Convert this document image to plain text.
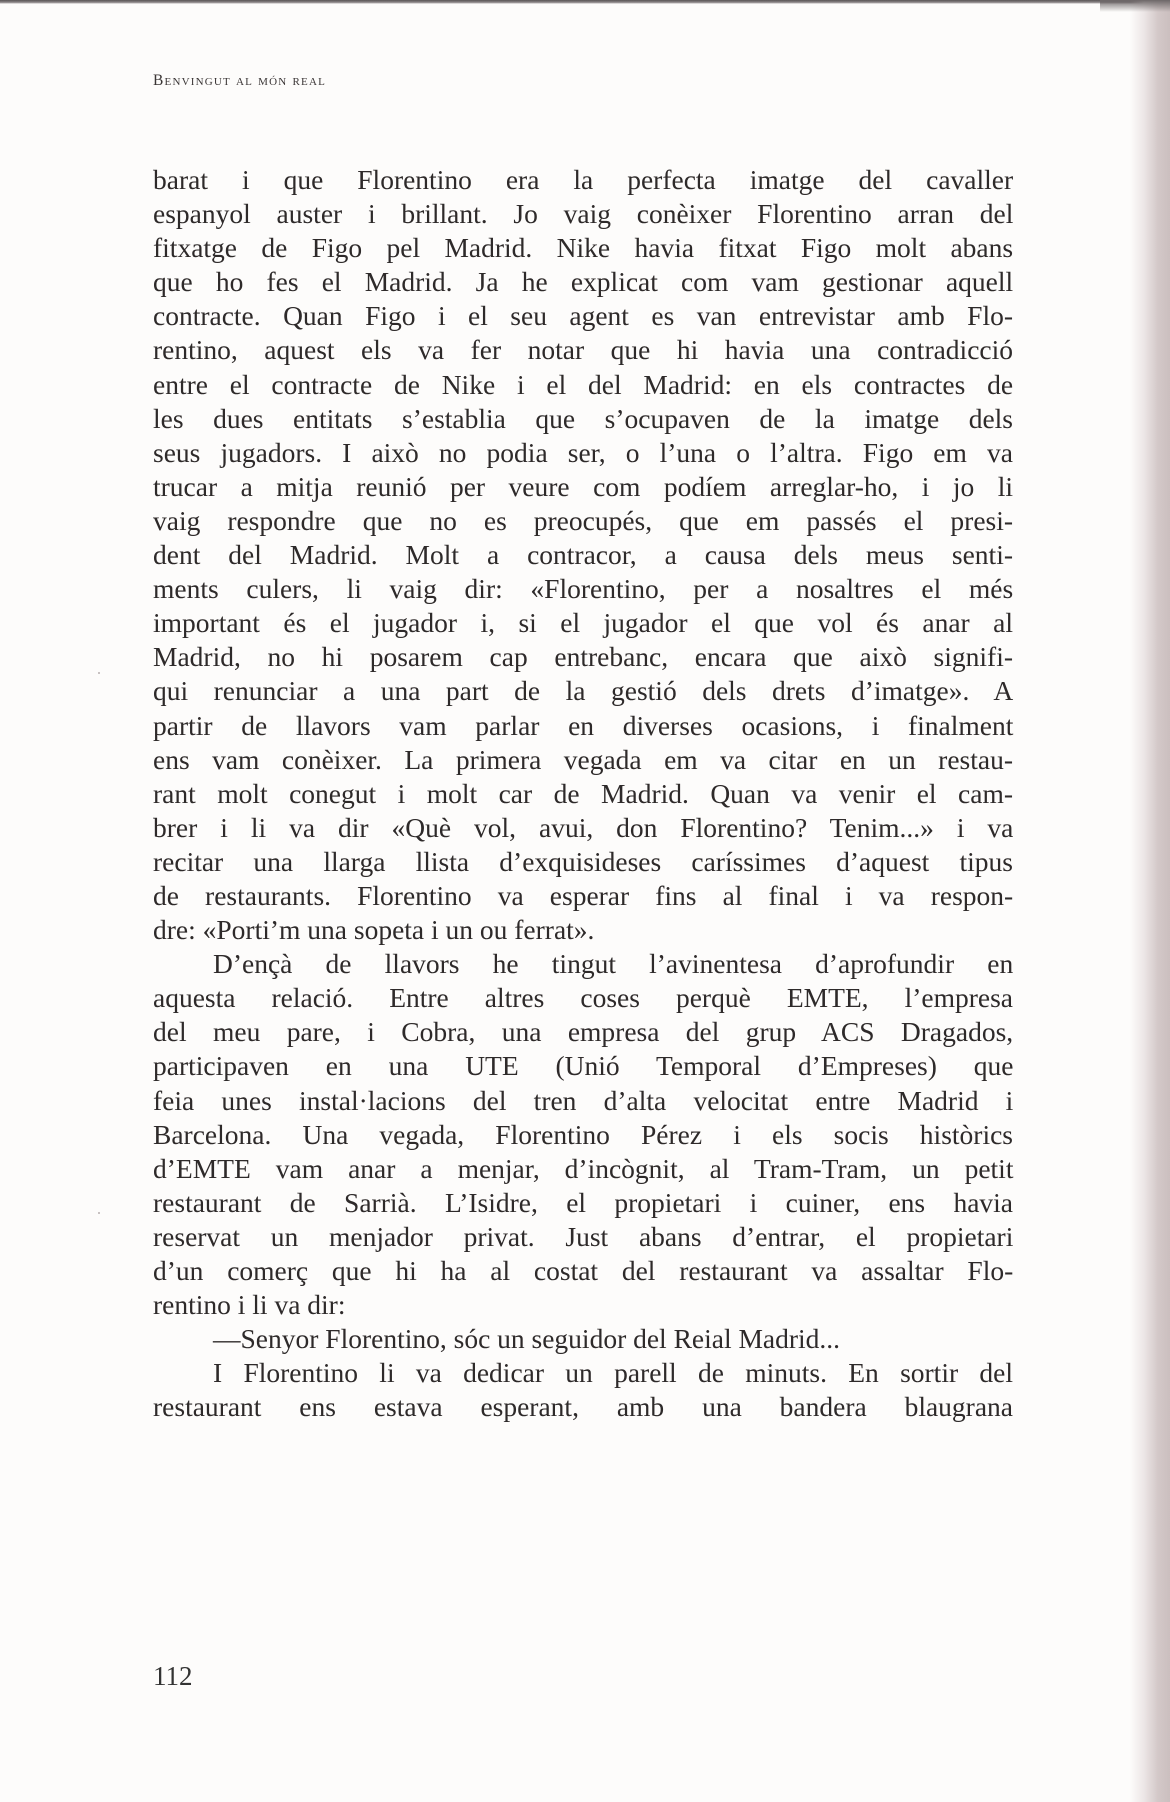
Benvingut al món real
barat i que Florentino era la perfecta imatge del cavaller
espanyol auster i brillant. Jo vaig conèixer Florentino arran del
fitxatge de Figo pel Madrid. Nike havia fitxat Figo molt abans
que ho fes el Madrid. Ja he explicat com vam gestionar aquell
contracte. Quan Figo i el seu agent es van entrevistar amb Flo-
rentino, aquest els va fer notar que hi havia una contradicció
entre el contracte de Nike i el del Madrid: en els contractes de
les dues entitats s’establia que s’ocupaven de la imatge dels
seus jugadors. I això no podia ser, o l’una o l’altra. Figo em va
trucar a mitja reunió per veure com podíem arreglar-ho, i jo li
vaig respondre que no es preocupés, que em passés el presi-
dent del Madrid. Molt a contracor, a causa dels meus senti-
ments culers, li vaig dir: «Florentino, per a nosaltres el més
important és el jugador i, si el jugador el que vol és anar al
Madrid, no hi posarem cap entrebanc, encara que això signifi-
qui renunciar a una part de la gestió dels drets d’imatge». A
partir de llavors vam parlar en diverses ocasions, i finalment
ens vam conèixer. La primera vegada em va citar en un restau-
rant molt conegut i molt car de Madrid. Quan va venir el cam-
brer i li va dir «Què vol, avui, don Florentino? Tenim...» i va
recitar una llarga llista d’exquisideses caríssimes d’aquest tipus
de restaurants. Florentino va esperar fins al final i va respon-
dre: «Porti’m una sopeta i un ou ferrat».
D’ençà de llavors he tingut l’avinentesa d’aprofundir en
aquesta relació. Entre altres coses perquè EMTE, l’empresa
del meu pare, i Cobra, una empresa del grup ACS Dragados,
participaven en una UTE (Unió Temporal d’Empreses) que
feia unes instal·lacions del tren d’alta velocitat entre Madrid i
Barcelona. Una vegada, Florentino Pérez i els socis històrics
d’EMTE vam anar a menjar, d’incògnit, al Tram-Tram, un petit
restaurant de Sarrià. L’Isidre, el propietari i cuiner, ens havia
reservat un menjador privat. Just abans d’entrar, el propietari
d’un comerç que hi ha al costat del restaurant va assaltar Flo-
rentino i li va dir:
—Senyor Florentino, sóc un seguidor del Reial Madrid...
I Florentino li va dedicar un parell de minuts. En sortir del
restaurant ens estava esperant, amb una bandera blaugrana
112
